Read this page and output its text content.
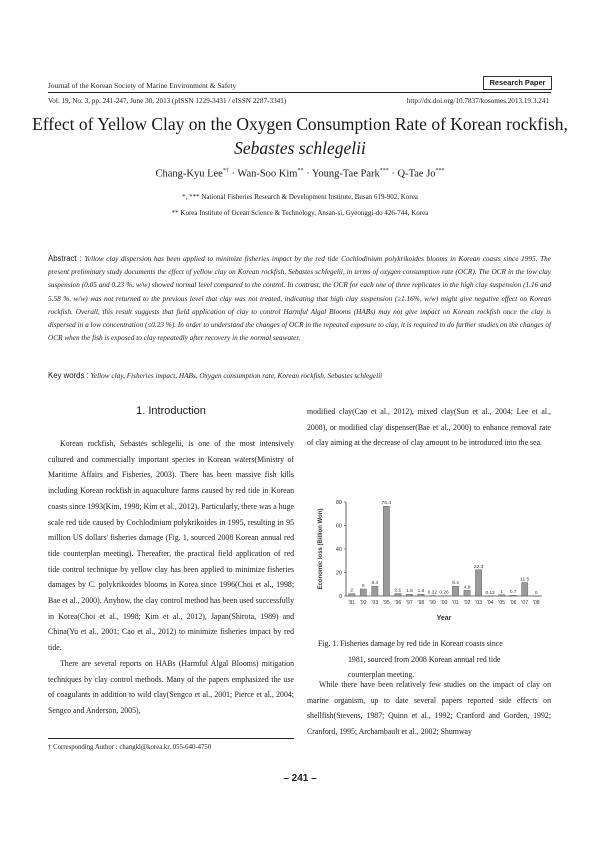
Journal of the Korean Society of Marine Environment & Safety	Research Paper
Vol. 19, No. 3, pp. 241-247, June 30, 2013 (pISSN 1229-3431 / eISSN 2287-3341)	http://dx.doi.org/10.7837/kosomes.2013.19.3.241
Effect of Yellow Clay on the Oxygen Consumption Rate of Korean rockfish,
Sebastes schlegelii
Chang-Kyu Lee*† · Wan-Soo Kim** · Young-Tae Park*** · Q-Tae Jo***
*, *** National Fisheries Research & Development Institute, Busan 619-902, Korea
** Korea Institute of Ocean Science & Technology, Ansan-si, Gyeonggi-do 426-744, Korea
Abstract : Yellow clay dispersion has been applied to minimize fisheries impact by the red tide Cochlodinium polykrikoides blooms in Korean coasts since 1995. The present preliminary study documents the effect of yellow clay on Korean rockfish, Sebastes schlegelii, in terms of oxygen consumption rate (OCR). The OCR in the low clay suspension (0.05 and 0.23 %, w/w) showed normal level compared to the control. In contrast, the OCR for each one of three replicates in the high clay suspension (1.16 and 5.58 %, w/w) was not returned to the previous level that clay was not treated, indicating that high clay suspension (≥1.16%, w/w) might give negative effect on Korean rockfish. Overall, this result suggests that field application of clay to control Harmful Algal Blooms (HABs) may not give impact on Korean rockfish once the clay is dispersed in a low concentration (≤0.23 %). In order to understand the changes of OCR in the repeated exposure to clay, it is required to do further studies on the changes of OCR when the fish is exposed to clay repeatedly after recovery in the normal seawater.
Key words : Yellow clay, Fisheries impact, HABs, Oxygen consumption rate, Korean rockfish, Sebastes schlegelii
1. Introduction

Korean rockfish, Sebastes schlegelii, is one of the most intensively cultured and commercially important species in Korean waters(Ministry of Maritime Affairs and Fisheries, 2003). There has been massive fish kills including Korean rockfish in aquaculture farms caused by red tide in Korean coasts since 1993(Kim, 1998; Kim et al., 2012). Particularly, there was a huge scale red tide caused by Cochlodinium polykrikoides in 1995, resulting in 95 million US dollars' fisheries damage (Fig. 1, sourced 2008 Korean annual red tide counterplan meeting). Thereafter, the practical field application of red tide control technique by yellow clay has been applied to minimize fisheries damages by C. polykrikoides blooms in Korea since 1996(Choi et al., 1998; Bae et al., 2000). Anyhow, the clay control method has been used successfully in Korea(Choi et al., 1998; Kim et al., 2012), Japan(Shirota, 1989) and China(Yu et al., 2001; Cao et al., 2012) to minimize fisheries impact by red tide.

There are several reports on HABs (Harmful Algal Blooms) mitigation techniques by clay control methods. Many of the papers emphasized the use of coagulants in addition to wild clay(Sengco et al., 2001; Pierce et al., 2004; Sengco and Anderson, 2005),

modified clay(Cao et al., 2012), mixed clay(Sun et al., 2004; Lee et al., 2008), or modified clay dispenser(Bae et al., 2000) to enhance removal rate of clay aiming at the decrease of clay amount to be introduced into the sea.

0
20
40
60
80
Economic loss (Billion Won)
2
'81
6
'92
8.4
'93
76.4
'95
2.1
'96
1.5
'97
1.6
'98
0.32
'99
0.26
'00
8.4
'01
4.8
'02
22.3
'03
0.12
'04
1
'05
0.7
'06
11.5
'07
0
'08
Year
Fig. 1. Fisheries damage by red tide in Korean coasts since
1981, sourced from 2008 Korean annual red tide
counterplan meeting.

While there have been relatively few studies on the impact of clay on marine organism, up to date several papers reported side effects on shellfish(Stevens, 1987; Quinn et al., 1992; Cranford and Gorden, 1992; Cranford, 1995; Archambault et al., 2002; Shumway

† Corresponding Author : changkl@korea.kr, 055-640-4750
– 241 –
